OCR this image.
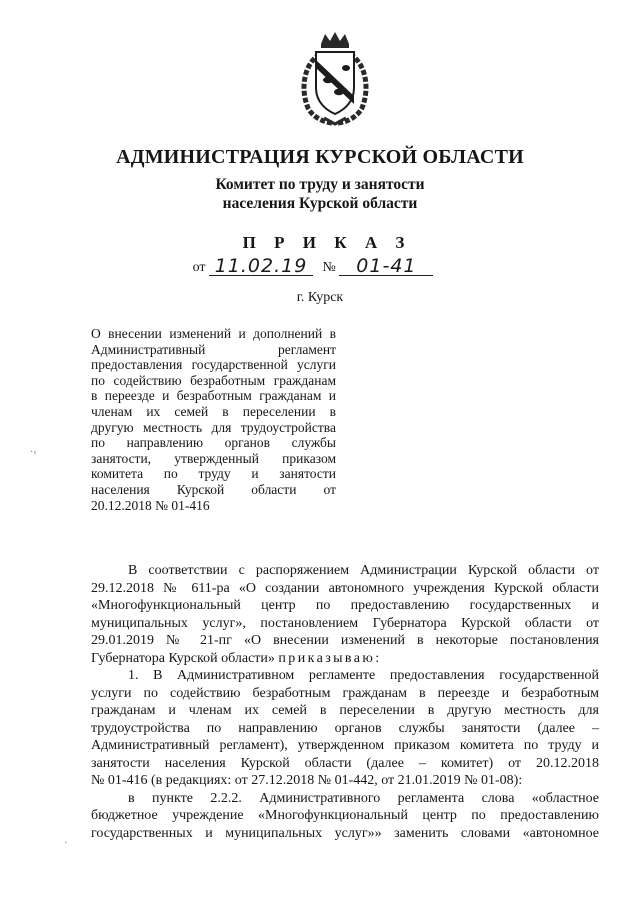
АДМИНИСТРАЦИЯ КУРСКОЙ ОБЛАСТИ
Комитет по труду и занятости
населения Курской области
П Р И К А З
от 11.02.19 № 01-41
г. Курск
О внесении изменений и дополнений в
Административный регламент
предоставления государственной услуги
по содействию безработным гражданам
в переезде и безработным гражданам и
членам их семей в переселении в
другую местность для трудоустройства
по направлению органов службы
занятости, утвержденный приказом
комитета по труду и занятости
населения Курской области от
20.12.2018 № 01-416
·‹
В соответствии с распоряжением Администрации Курской области от
29.12.2018 № 611-ра «О создании автономного учреждения Курской области
«Многофункциональный центр по предоставлению государственных и
муниципальных услуг», постановлением Губернатора Курской области от
29.01.2019 № 21-пг «О внесении изменений в некоторые постановления
Губернатора Курской области» приказываю:
1. В Административном регламенте предоставления государственной
услуги по содействию безработным гражданам в переезде и безработным
гражданам и членам их семей в переселении в другую местность для
трудоустройства по направлению органов службы занятости (далее –
Административный регламент), утвержденном приказом комитета по труду и
занятости населения Курской области (далее – комитет) от 20.12.2018
№ 01-416 (в редакциях: от 27.12.2018 № 01-442, от 21.01.2019 № 01-08):
в пункте 2.2.2. Административного регламента слова «областное
бюджетное учреждение «Многофункциональный центр по предоставлению
государственных и муниципальных услуг»» заменить словами «автономное
·
